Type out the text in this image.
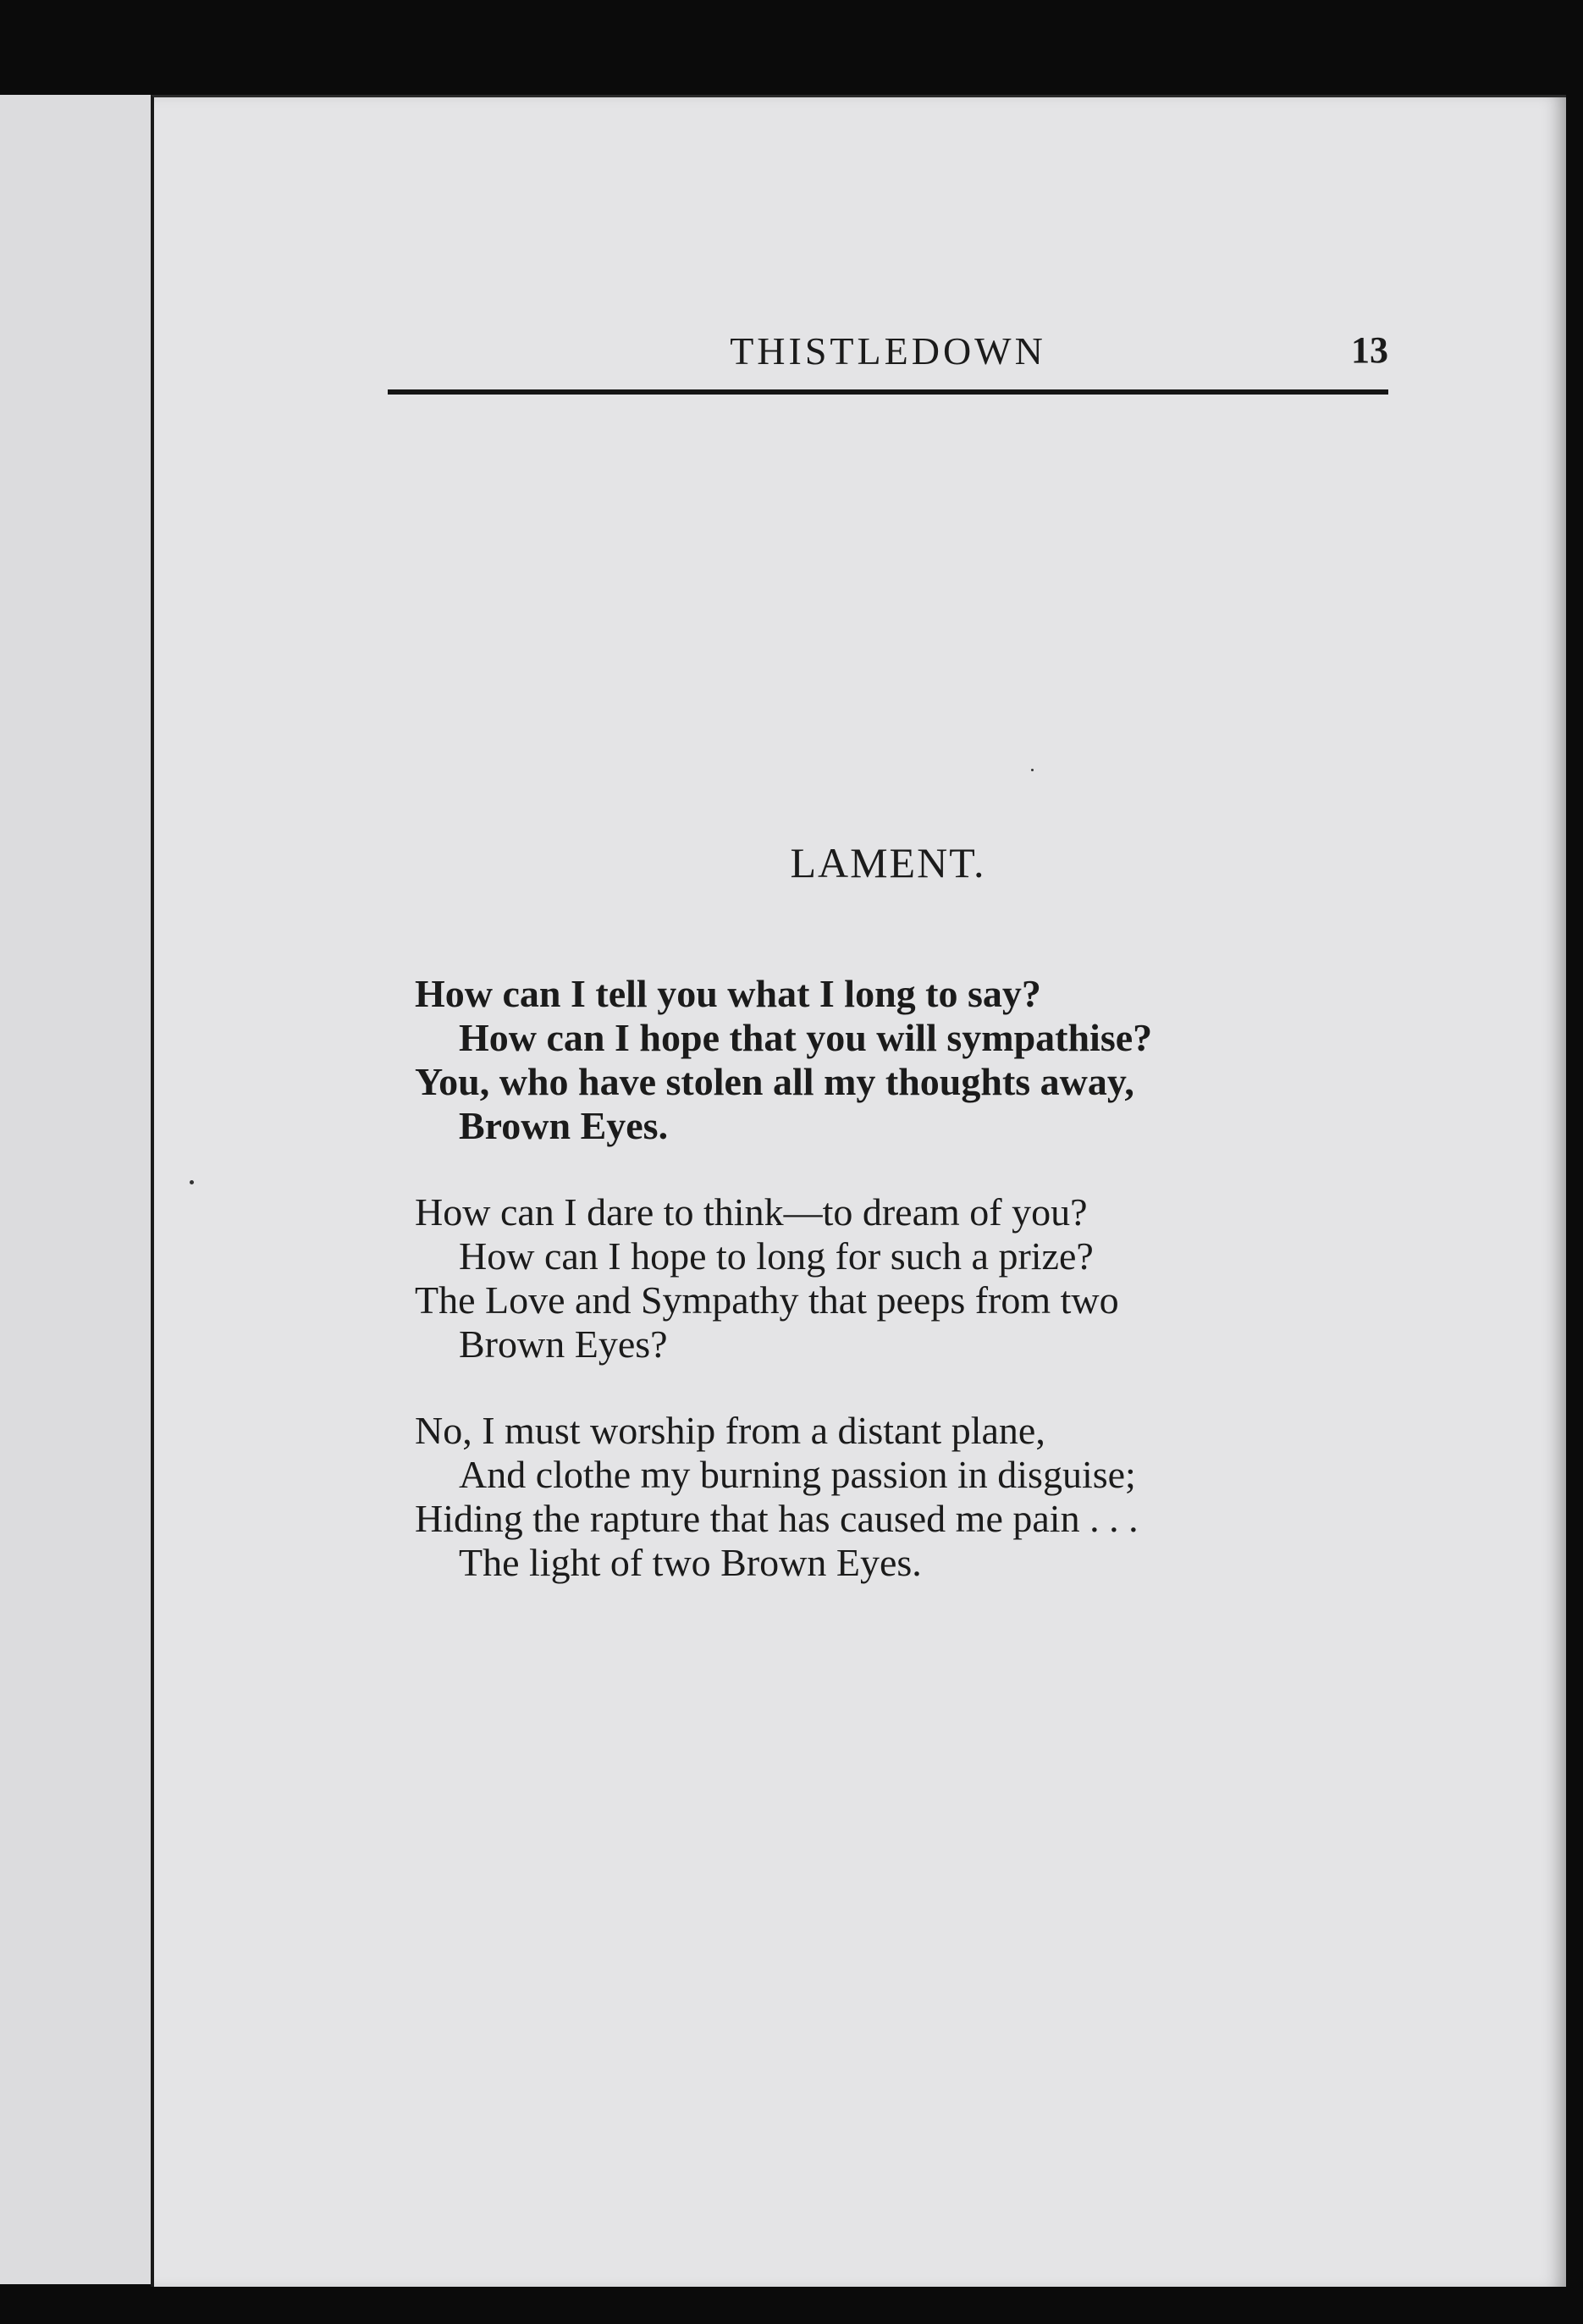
THISTLEDOWN	13
LAMENT.
How can I tell you what I long to say?
How can I hope that you will sympathise?
You, who have stolen all my thoughts away,
Brown Eyes.
How can I dare to think—to dream of you?
How can I hope to long for such a prize?
The Love and Sympathy that peeps from two
Brown Eyes?
No, I must worship from a distant plane,
And clothe my burning passion in disguise;
Hiding the rapture that has caused me pain . . .
The light of two Brown Eyes.
